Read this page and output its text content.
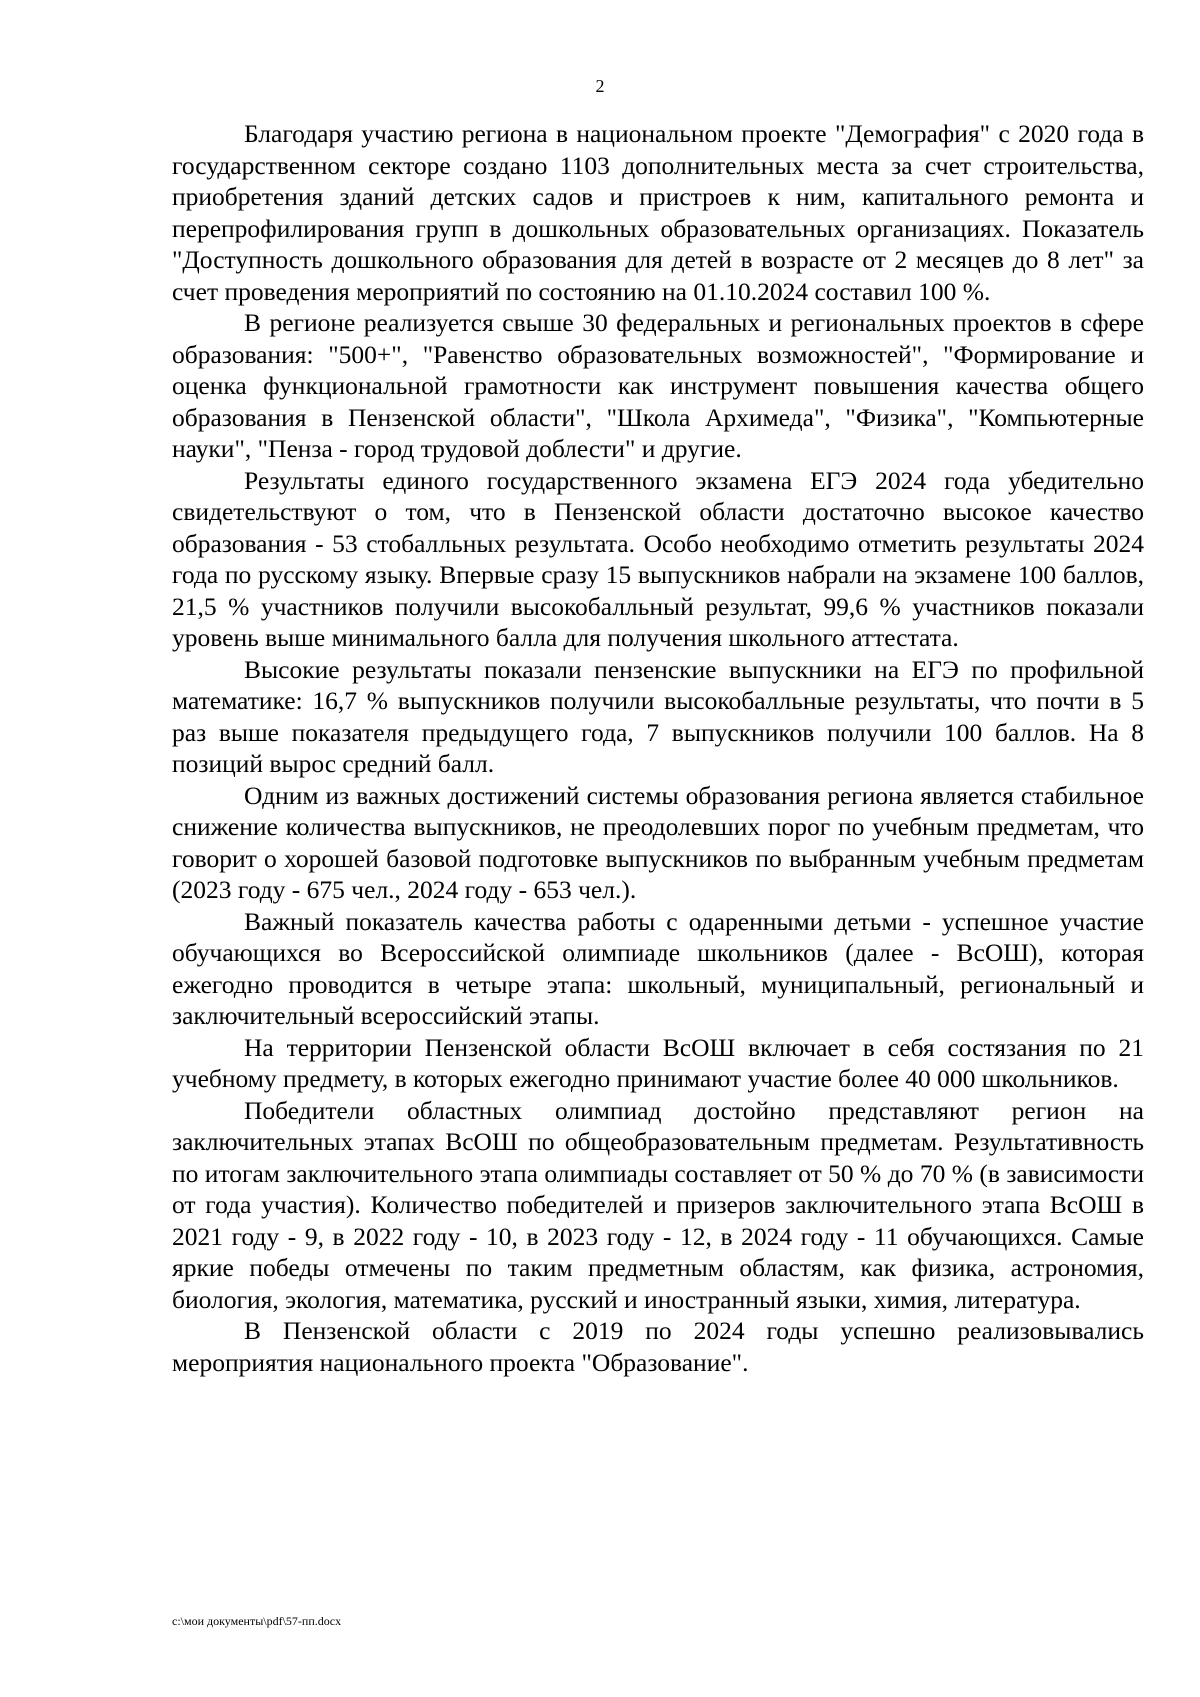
2

Благодаря участию региона в национальном проекте "Демография" с 2020 года в государственном секторе создано 1103 дополнительных места за счет строительства, приобретения зданий детских садов и пристроев к ним, капитального ремонта и перепрофилирования групп в дошкольных образовательных организациях. Показатель "Доступность дошкольного образования для детей в возрасте от 2 месяцев до 8 лет" за счет проведения мероприятий по состоянию на 01.10.2024 составил 100 %.

В регионе реализуется свыше 30 федеральных и региональных проектов в сфере образования: "500+", "Равенство образовательных возможностей", "Формирование и оценка функциональной грамотности как инструмент повышения качества общего образования в Пензенской области", "Школа Архимеда", "Физика", "Компьютерные науки", "Пенза - город трудовой доблести" и другие.

Результаты единого государственного экзамена ЕГЭ 2024 года убедительно свидетельствуют о том, что в Пензенской области достаточно высокое качество образования - 53 стобалльных результата. Особо необходимо отметить результаты 2024 года по русскому языку. Впервые сразу 15 выпускников набрали на экзамене 100 баллов, 21,5 % участников получили высокобалльный результат, 99,6 % участников показали уровень выше минимального балла для получения школьного аттестата.

Высокие результаты показали пензенские выпускники на ЕГЭ по профильной математике: 16,7 % выпускников получили высокобалльные результаты, что почти в 5 раз выше показателя предыдущего года, 7 выпускников получили 100 баллов. На 8 позиций вырос средний балл.

Одним из важных достижений системы образования региона является стабильное снижение количества выпускников, не преодолевших порог по учебным предметам, что говорит о хорошей базовой подготовке выпускников по выбранным учебным предметам (2023 году - 675 чел., 2024 году - 653 чел.).

Важный показатель качества работы с одаренными детьми - успешное участие обучающихся во Всероссийской олимпиаде школьников (далее - ВсОШ), которая ежегодно проводится в четыре этапа: школьный, муниципальный, региональный и заключительный всероссийский этапы.

На территории Пензенской области ВсОШ включает в себя состязания по 21 учебному предмету, в которых ежегодно принимают участие более 40 000 школьников.

Победители областных олимпиад достойно представляют регион на заключительных этапах ВсОШ по общеобразовательным предметам. Результативность по итогам заключительного этапа олимпиады составляет от 50 % до 70 % (в зависимости от года участия). Количество победителей и призеров заключительного этапа ВсОШ в 2021 году - 9, в 2022 году - 10, в 2023 году - 12, в 2024 году - 11 обучающихся. Самые яркие победы отмечены по таким предметным областям, как физика, астрономия, биология, экология, математика, русский и иностранный языки, химия, литература.

В Пензенской области с 2019 по 2024 годы успешно реализовывались мероприятия национального проекта "Образование".

c:\мои документы\pdf\57-пп.docx
